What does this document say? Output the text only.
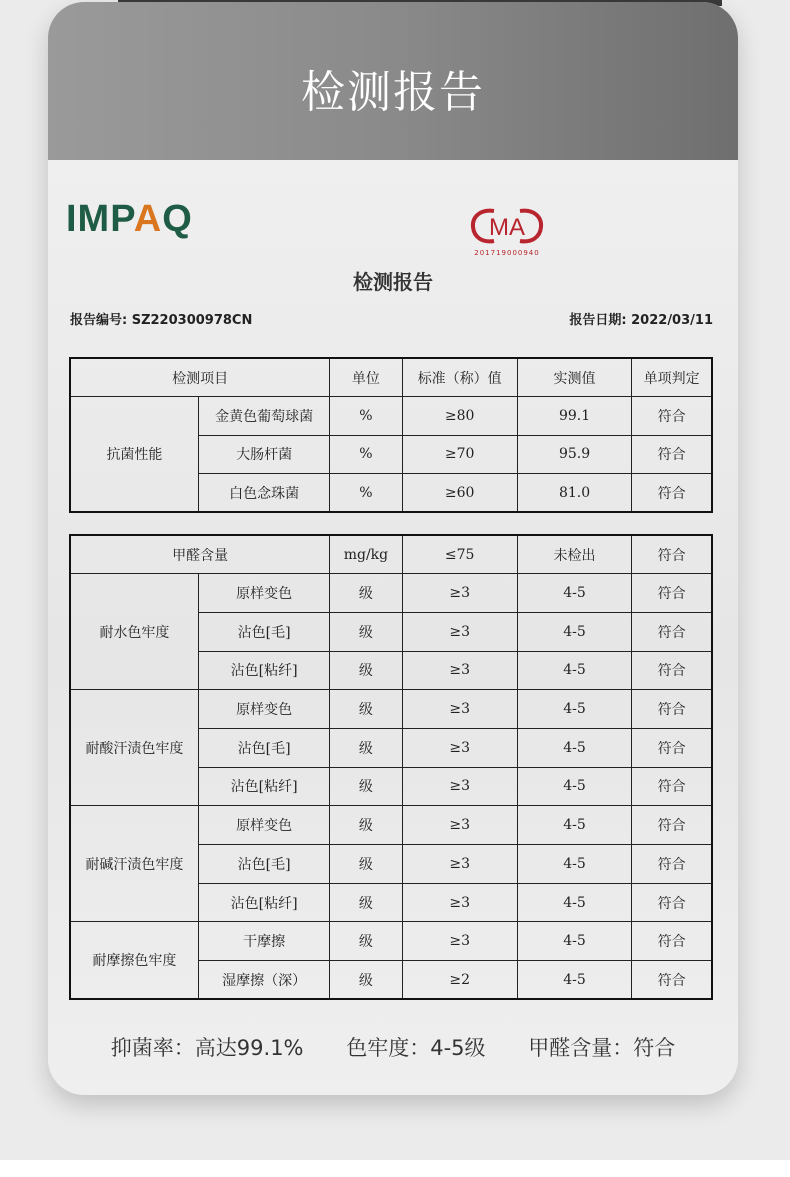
检测报告
IMPAQ	MA
201719000940
检测报告
报告编号: SZ220300978CN	报告日期: 2022/03/11
检测项目		单位	标准（称）值	实测值	单项判定
抗菌性能	金黄色葡萄球菌	%	≥80	99.1	符合
	大肠杆菌	%	≥70	95.9	符合
	白色念珠菌	%	≥60	81.0	符合
甲醛含量		mg/kg	≤75	未检出	符合
耐水色牢度	原样变色	级	≥3	4-5	符合
	沾色[毛]	级	≥3	4-5	符合
	沾色[粘纤]	级	≥3	4-5	符合
耐酸汗渍色牢度	原样变色	级	≥3	4-5	符合
	沾色[毛]	级	≥3	4-5	符合
	沾色[粘纤]	级	≥3	4-5	符合
耐碱汗渍色牢度	原样变色	级	≥3	4-5	符合
	沾色[毛]	级	≥3	4-5	符合
	沾色[粘纤]	级	≥3	4-5	符合
耐摩擦色牢度	干摩擦	级	≥3	4-5	符合
	湿摩擦（深）	级	≥2	4-5	符合
抑菌率：高达99.1% 色牢度：4-5级 甲醛含量：符合
